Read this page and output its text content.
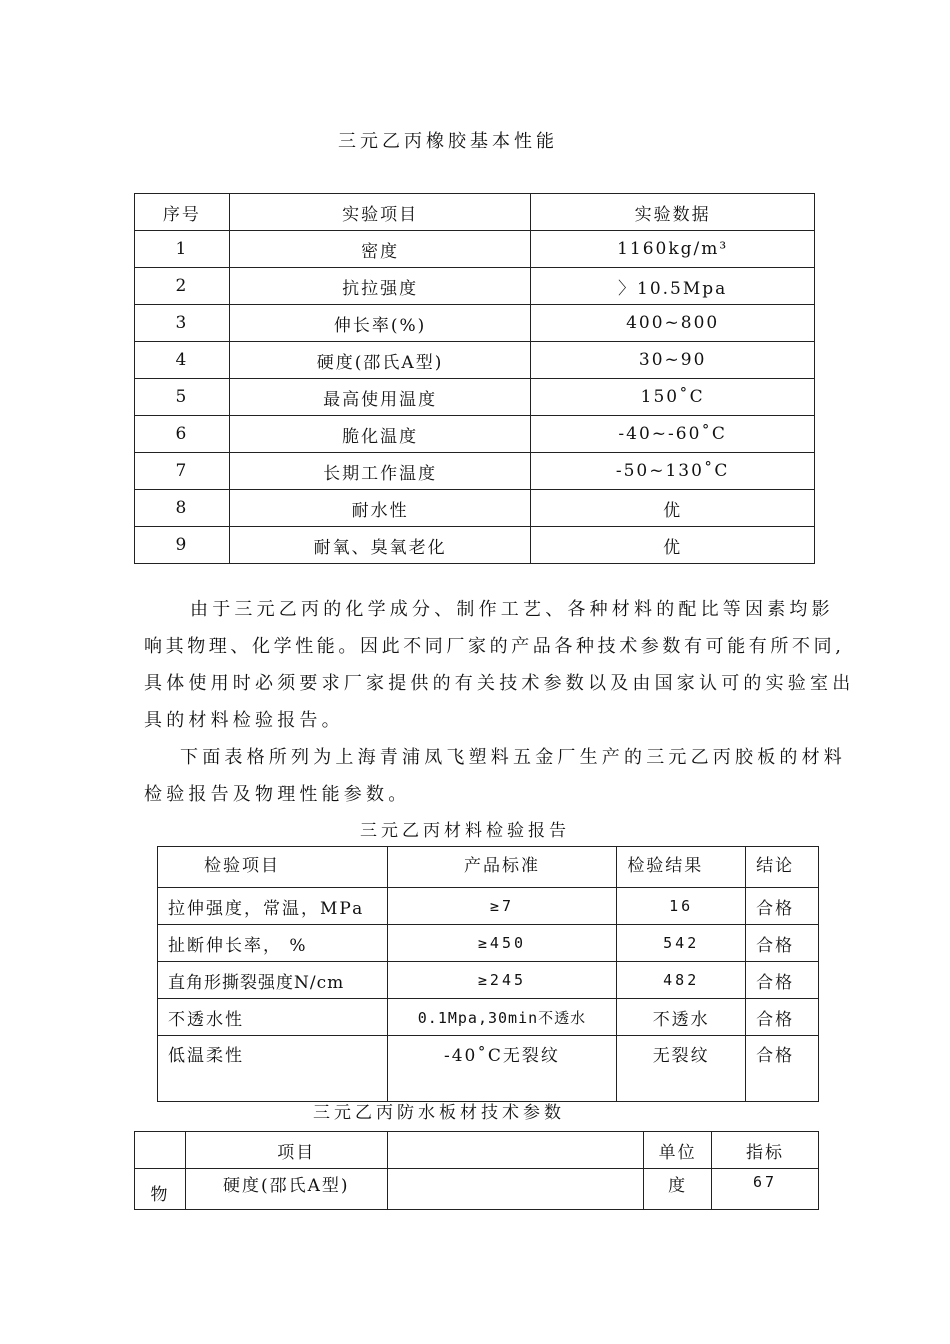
三元乙丙橡胶基本性能
序号	实验项目	实验数据
1	密度	1160kg/m³
2	抗拉强度	〉10.5Mpa
3	伸长率(%)	400~800
4	硬度(邵氏A型)	30~90
5	最高使用温度	150˚C
6	脆化温度	-40~-60˚C
7	长期工作温度	-50~130˚C
8	耐水性	优
9	耐氧、臭氧老化	优
由于三元乙丙的化学成分、制作工艺、各种材料的配比等因素均影
响其物理、化学性能。因此不同厂家的产品各种技术参数有可能有所不同,
具体使用时必须要求厂家提供的有关技术参数以及由国家认可的实验室出
具的材料检验报告。
下面表格所列为上海青浦凤飞塑料五金厂生产的三元乙丙胶板的材料
检验报告及物理性能参数。
三元乙丙材料检验报告
检验项目	产品标准	检验结果	结论
拉伸强度，常温，MPa	≥7	16	合格
扯断伸长率， %	≥450	542	合格
直角形撕裂强度N/cm	≥245	482	合格
不透水性	0.1Mpa,30min不透水	不透水	合格
低温柔性	-40˚C无裂纹	无裂纹	合格
三元乙丙防水板材技术参数
	项目		单位	指标
物	硬度(邵氏A型)		度	67
